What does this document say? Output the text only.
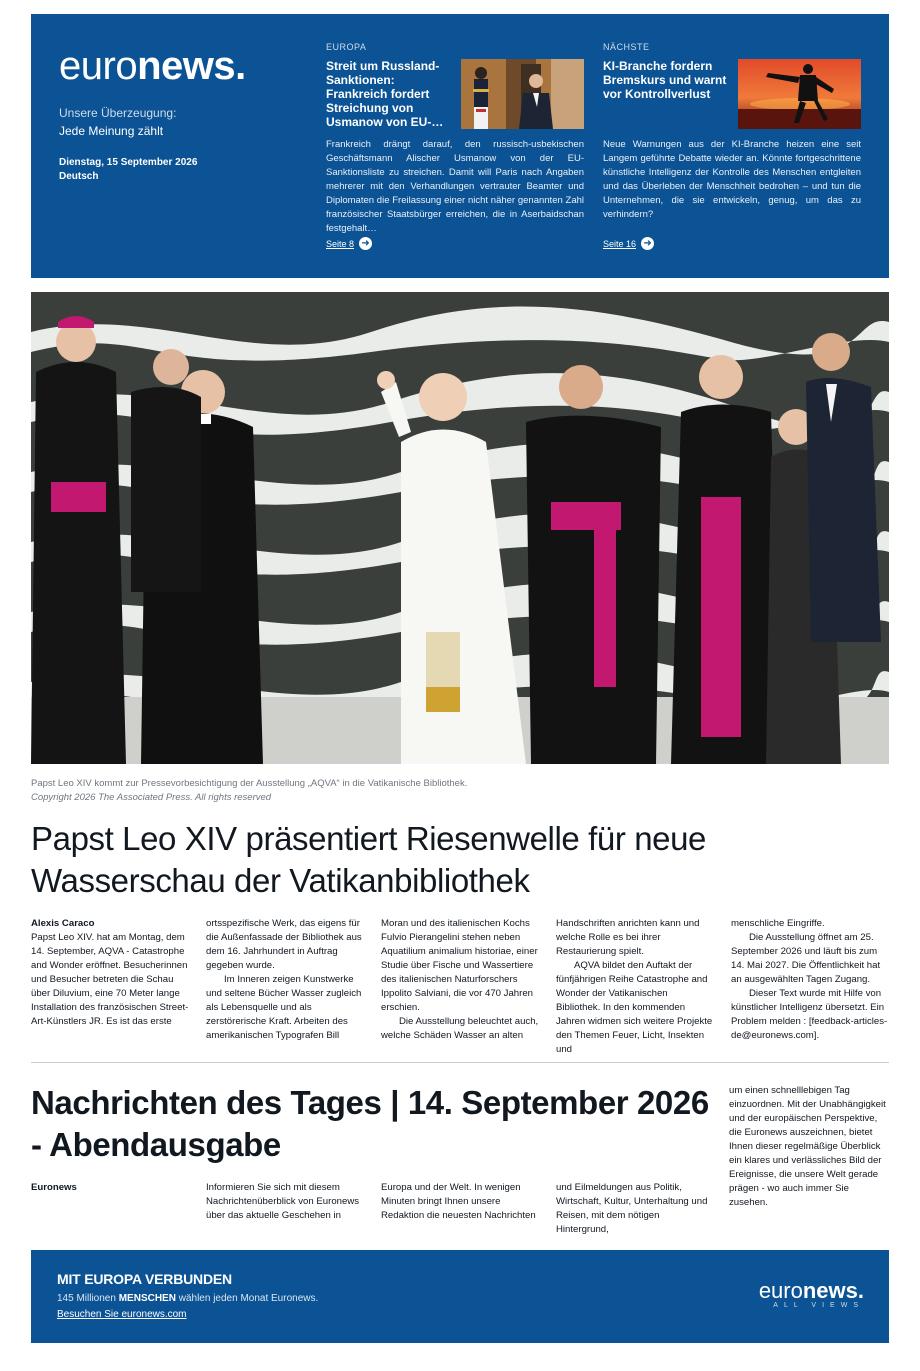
euronews.
Unsere Überzeugung:
Jede Meinung zählt
Dienstag, 15 September 2026
Deutsch
EUROPA
Streit um Russland-Sanktionen: Frankreich fordert Streichung von Usmanow von EU-…
Frankreich drängt darauf, den russisch-usbekischen Geschäftsmann Alischer Usmanow von der EU-Sanktionsliste zu streichen. Damit will Paris nach Angaben mehrerer mit den Verhandlungen vertrauter Beamter und Diplomaten die Freilassung einer nicht näher genannten Zahl französischer Staatsbürger erreichen, die in Aserbaidschan festgehalt…
Seite 8 ➜
NÄCHSTE
KI-Branche fordern Bremskurs und warnt vor Kontrollverlust
Neue Warnungen aus der KI-Branche heizen eine seit Langem geführte Debatte wieder an. Könnte fortgeschrittene künstliche Intelligenz der Kontrolle des Menschen entgleiten und das Überleben der Menschheit bedrohen – und tun die Unternehmen, die sie entwickeln, genug, um das zu verhindern?
Seite 16 ➜
Papst Leo XIV kommt zur Pressevorbesichtigung der Ausstellung „AQVA“ in die Vatikanische Bibliothek.
Copyright 2026 The Associated Press. All rights reserved
Papst Leo XIV präsentiert Riesenwelle für neue Wasserschau der Vatikanbibliothek

Alexis Caraco

Papst Leo XIV. hat am Montag, dem 14. September, AQVA - Catastrophe and Wonder eröffnet. Besucherinnen und Besucher betreten die Schau über Diluvium, eine 70 Meter lange Installation des französischen Street-Art-Künstlers JR. Es ist das erste

ortsspezifische Werk, das eigens für die Außenfassade der Bibliothek aus dem 16. Jahrhundert in Auftrag gegeben wurde.

Im Inneren zeigen Kunstwerke und seltene Bücher Wasser zugleich als Lebensquelle und als zerstörerische Kraft. Arbeiten des amerikanischen Typografen Bill

Moran und des italienischen Kochs Fulvio Pierangelini stehen neben Aquatilium animalium historiae, einer Studie über Fische und Wassertiere des italienischen Naturforschers Ippolito Salviani, die vor 470 Jahren erschien.

Die Ausstellung beleuchtet auch, welche Schäden Wasser an alten

Handschriften anrichten kann und welche Rolle es bei ihrer Restaurierung spielt.

AQVA bildet den Auftakt der fünfjährigen Reihe Catastrophe and Wonder der Vatikanischen Bibliothek. In den kommenden Jahren widmen sich weitere Projekte den Themen Feuer, Licht, Insekten und

menschliche Eingriffe.

Die Ausstellung öffnet am 25. September 2026 und läuft bis zum 14. Mai 2027. Die Öffentlichkeit hat an ausgewählten Tagen Zugang.

Dieser Text wurde mit Hilfe von künstlicher Intelligenz übersetzt. Ein Problem melden : [feedback-articles-de@euronews.com].

Nachrichten des Tages | 14. September 2026 - Abendausgabe
um einen schnelllebigen Tag einzuordnen. Mit der Unabhängigkeit und der europäischen Perspektive, die Euronews auszeichnen, bietet Ihnen dieser regelmäßige Überblick ein klares und verlässliches Bild der Ereignisse, die unsere Welt gerade prägen - wo auch immer Sie zusehen.

Euronews	Informieren Sie sich mit diesem Nachrichtenüberblick von Euronews über das aktuelle Geschehen in

Europa und der Welt. In wenigen Minuten bringt Ihnen unsere Redaktion die neuesten Nachrichten

und Eilmeldungen aus Politik, Wirtschaft, Kultur, Unterhaltung und Reisen, mit dem nötigen Hintergrund,

MIT EUROPA VERBUNDEN
145 Millionen MENSCHEN wählen jeden Monat Euronews.
Besuchen Sie euronews.com
euronews.
ALL VIEWS
